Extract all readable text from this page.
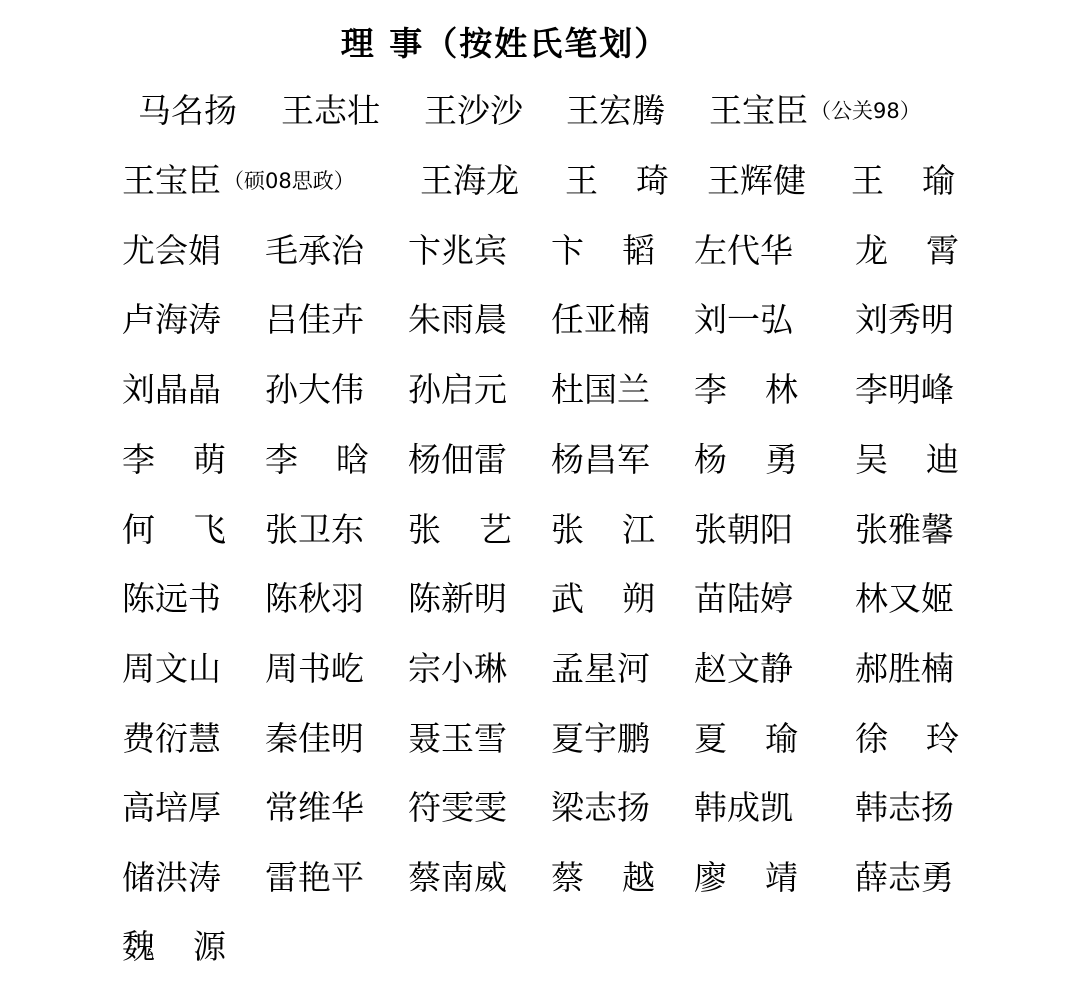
理 事（按姓氏笔划）
马名扬 王志壮 王沙沙 王宏腾 王宝臣 （公关98）
王宝臣 （硕08思政） 王海龙 王 琦 王辉健 王 瑜
尤会娟 毛承治 卞兆宾 卞 韬 左代华 龙 霄
卢海涛 吕佳卉 朱雨晨 任亚楠 刘一弘 刘秀明
刘晶晶 孙大伟 孙启元 杜国兰 李 林 李明峰
李 萌 李 晗 杨佃雷 杨昌军 杨 勇 吴 迪
何 飞 张卫东 张 艺 张 江 张朝阳 张雅馨
陈远书 陈秋羽 陈新明 武 朔 苗陆婷 林又姬
周文山 周书屹 宗小琳 孟星河 赵文静 郝胜楠
费衍慧 秦佳明 聂玉雪 夏宇鹏 夏 瑜 徐 玲
高培厚 常维华 符雯雯 梁志扬 韩成凯 韩志扬
储洪涛 雷艳平 蔡南威 蔡 越 廖 靖 薛志勇
魏 源
